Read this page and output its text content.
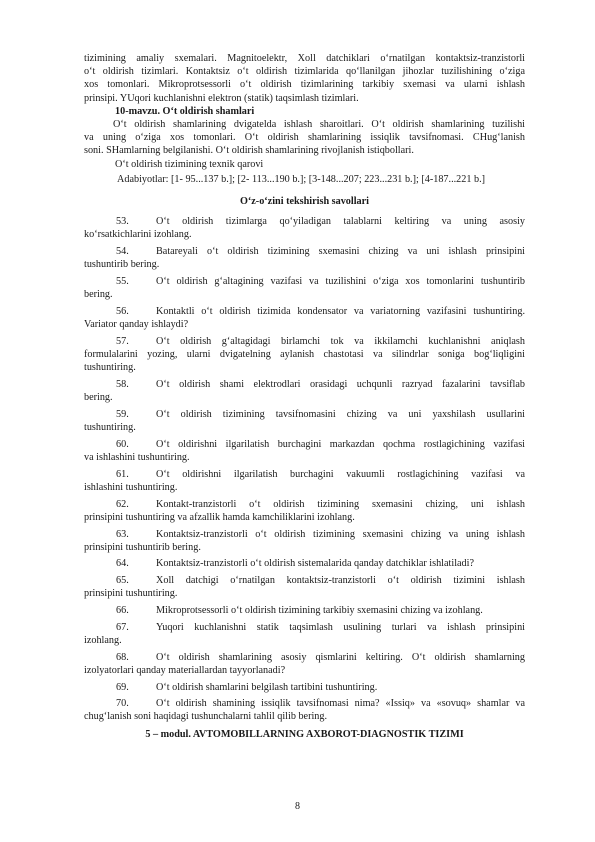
tizimining amaliy sxemalari. Magnitoelektr, Xoll datchiklari o‘rnatilgan kontaktsiz-tranzistorli

o‘t oldirish tizimlari. Kontaktsiz o‘t oldirish tizimlarida qo‘llanilgan jihozlar tuzilishining o‘ziga

xos tomonlari. Mikroprotsessorli o‘t oldirish tizimlarining tarkibiy sxemasi va ularni ishlash

prinsipi. YUqori kuchlanishni elektron (statik) taqsimlash tizimlari.

10-mavzu. O‘t oldirish shamlari

O‘t oldirish shamlarining dvigatelda ishlash sharoitlari. O‘t oldirish shamlarining tuzilishi

va uning o‘ziga xos tomonlari. O‘t oldirish shamlarining issiqlik tavsifnomasi. CHug‘lanish

soni. SHamlarning belgilanishi. O‘t oldirish shamlarining rivojlanish istiqbollari.

O‘t oldirish tizimining texnik qarovi

Adabiyotlar: [1- 95...137 b.]; [2- 113...190 b.]; [3-148...207; 223...231 b.]; [4-187...221 b.]

O‘z-o‘zini tekshirish savollari

53.	O‘t oldirish tizimlarga qo‘yiladigan talablarni keltiring va uning asosiy
ko‘rsatkichlarini izohlang.
54.	Batareyali o‘t oldirish tizimining sxemasini chizing va uni ishlash prinsipini
tushuntirib bering.
55.	O‘t oldirish g‘altagining vazifasi va tuzilishini o‘ziga xos tomonlarini tushuntirib
bering.
56.	Kontaktli o‘t oldirish tizimida kondensator va variatorning vazifasini tushuntiring.
Variator qanday ishlaydi?
57.	O‘t oldirish g‘altagidagi birlamchi tok va ikkilamchi kuchlanishni aniqlash
formulalarini yozing, ularni dvigatelning aylanish chastotasi va silindrlar soniga bog‘liqligini
tushuntiring.
58.	O‘t oldirish shami elektrodlari orasidagi uchqunli razryad fazalarini tavsiflab
bering.
59.	O‘t oldirish tizimining tavsifnomasini chizing va uni yaxshilash usullarini
tushuntiring.
60.	O‘t oldirishni ilgarilatish burchagini markazdan qochma rostlagichining vazifasi
va ishlashini tushuntiring.
61.	O‘t oldirishni ilgarilatish burchagini vakuumli rostlagichining vazifasi va
ishlashini tushuntiring.
62.	Kontakt-tranzistorli o‘t oldirish tizimining sxemasini chizing, uni ishlash
prinsipini tushuntiring va afzallik hamda kamchiliklarini izohlang.
63.	Kontaktsiz-tranzistorli o‘t oldirish tizimining sxemasini chizing va uning ishlash
prinsipini tushuntirib bering.
64.	Kontaktsiz-tranzistorli o‘t oldirish sistemalarida qanday datchiklar ishlatiladi?
65.	Xoll datchigi o‘rnatilgan kontaktsiz-tranzistorli o‘t oldirish tizimini ishlash
prinsipini tushuntiring.
66.	Mikroprotsessorli o‘t oldirish tizimining tarkibiy sxemasini chizing va izohlang.
67.	Yuqori kuchlanishni statik taqsimlash usulining turlari va ishlash prinsipini
izohlang.
68.	O‘t oldirish shamlarining asosiy qismlarini keltiring. O‘t oldirish shamlarning
izolyatorlari qanday materiallardan tayyorlanadi?
69.	O‘t oldirish shamlarini belgilash tartibini tushuntiring.
70.	O‘t oldirish shamining issiqlik tavsifnomasi nima? «Issiq» va «sovuq» shamlar va
chug‘lanish soni haqidagi tushunchalarni tahlil qilib bering.

5 – modul. AVTOMOBILLARNING AXBOROT-DIAGNOSTIK TIZIMI

8
